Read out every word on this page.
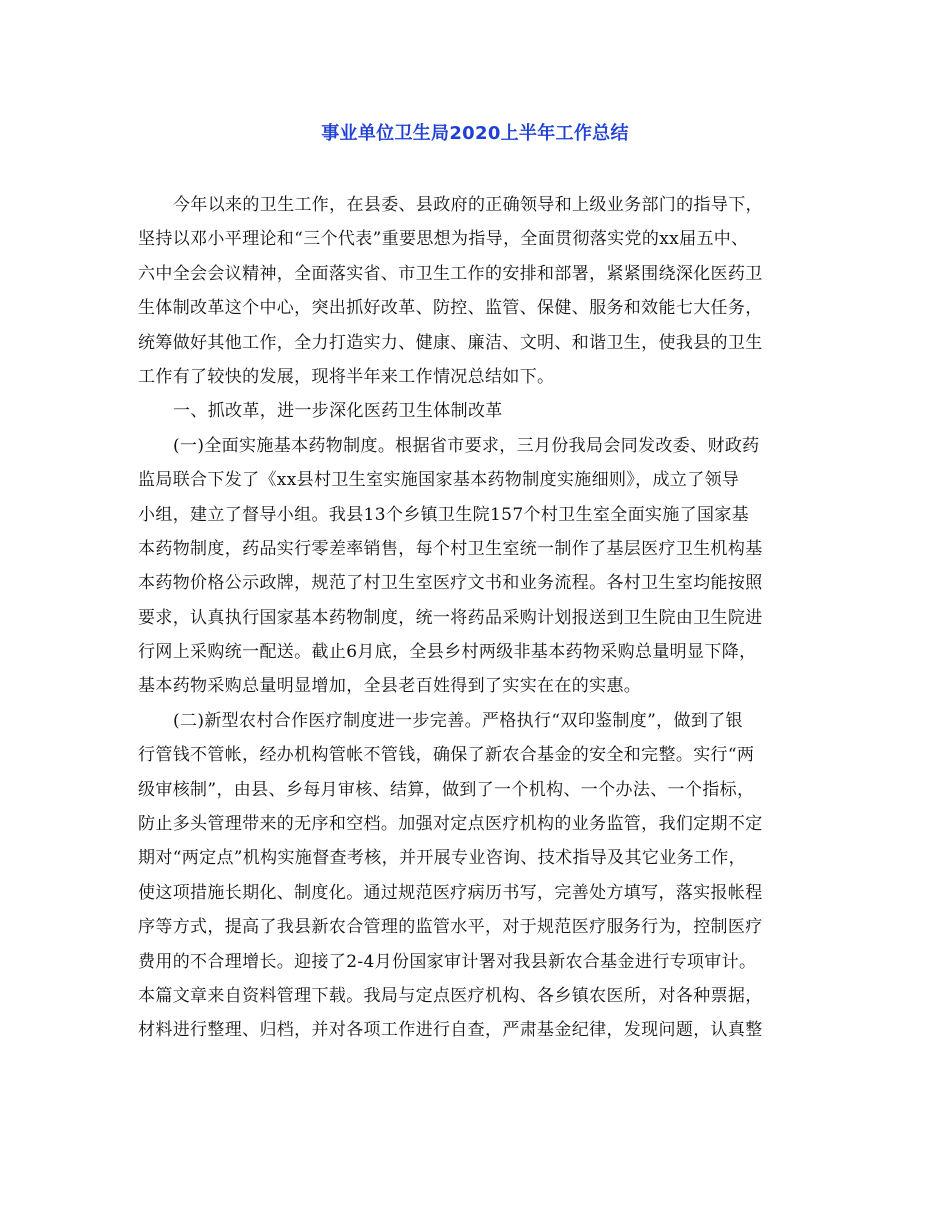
事业单位卫生局2020上半年工作总结
今年以来的卫生工作，在县委、县政府的正确领导和上级业务部门的指导下，
坚持以邓小平理论和“三个代表”重要思想为指导，全面贯彻落实党的xx届五中、
六中全会会议精神，全面落实省、市卫生工作的安排和部署，紧紧围绕深化医药卫
生体制改革这个中心，突出抓好改革、防控、监管、保健、服务和效能七大任务，
统筹做好其他工作，全力打造实力、健康、廉洁、文明、和谐卫生，使我县的卫生
工作有了较快的发展，现将半年来工作情况总结如下。
一、抓改革，进一步深化医药卫生体制改革
(一)全面实施基本药物制度。根据省市要求，三月份我局会同发改委、财政药
监局联合下发了《xx县村卫生室实施国家基本药物制度实施细则》，成立了领导
小组，建立了督导小组。我县13个乡镇卫生院157个村卫生室全面实施了国家基
本药物制度，药品实行零差率销售，每个村卫生室统一制作了基层医疗卫生机构基
本药物价格公示政牌，规范了村卫生室医疗文书和业务流程。各村卫生室均能按照
要求，认真执行国家基本药物制度，统一将药品采购计划报送到卫生院由卫生院进
行网上采购统一配送。截止6月底，全县乡村两级非基本药物采购总量明显下降，
基本药物采购总量明显增加，全县老百姓得到了实实在在的实惠。
(二)新型农村合作医疗制度进一步完善。严格执行“双印鉴制度”，做到了银
行管钱不管帐，经办机构管帐不管钱，确保了新农合基金的安全和完整。实行“两
级审核制”，由县、乡每月审核、结算，做到了一个机构、一个办法、一个指标，
防止多头管理带来的无序和空档。加强对定点医疗机构的业务监管，我们定期不定
期对“两定点”机构实施督查考核，并开展专业咨询、技术指导及其它业务工作，
使这项措施长期化、制度化。通过规范医疗病历书写，完善处方填写，落实报帐程
序等方式，提高了我县新农合管理的监管水平，对于规范医疗服务行为，控制医疗
费用的不合理增长。迎接了2-4月份国家审计署对我县新农合基金进行专项审计。
本篇文章来自资料管理下载。我局与定点医疗机构、各乡镇农医所，对各种票据，
材料进行整理、归档，并对各项工作进行自查，严肃基金纪律，发现问题，认真整
